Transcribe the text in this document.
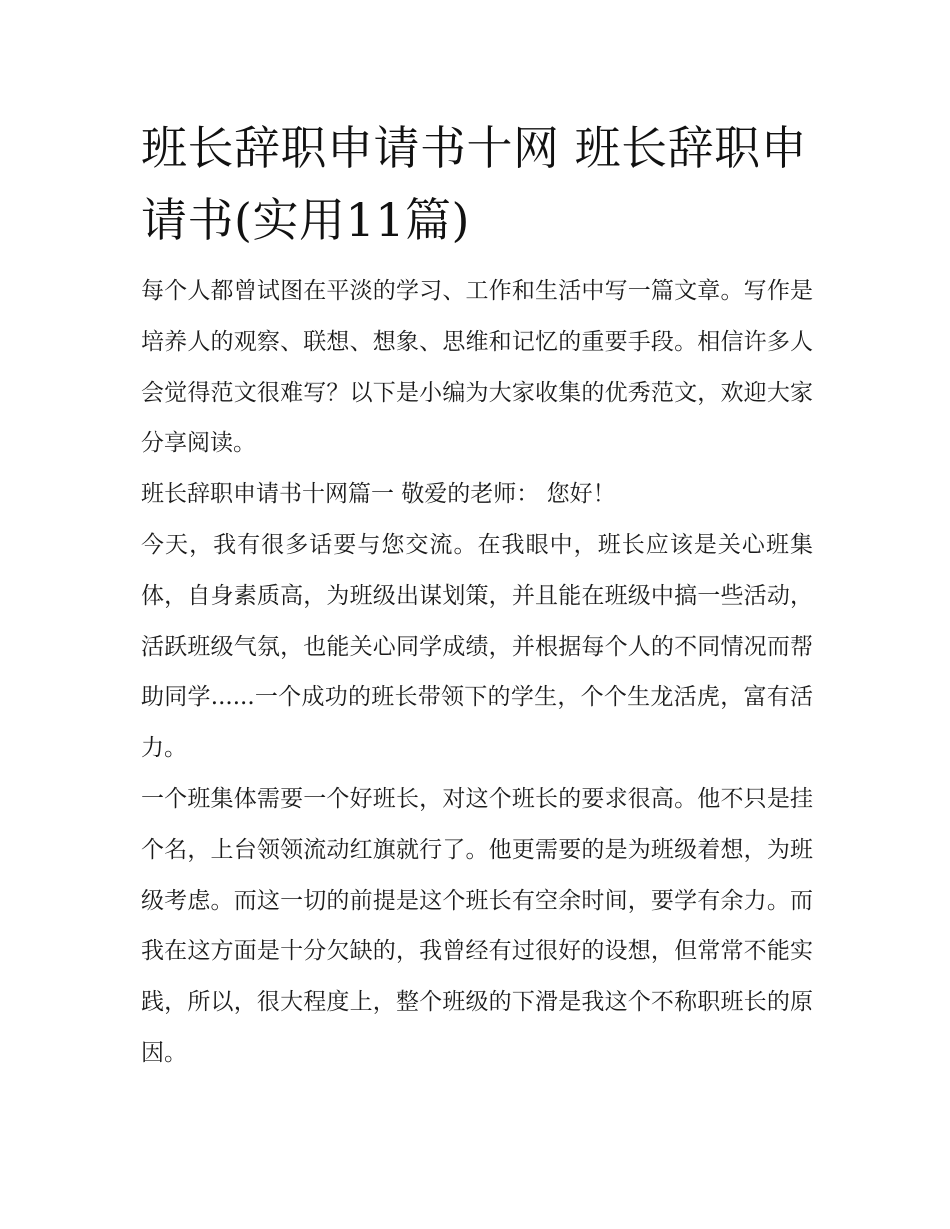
班长辞职申请书十网 班长辞职申请书(实用11篇)

每个人都曾试图在平淡的学习、工作和生活中写一篇文章。写作是培养人的观察、联想、想象、思维和记忆的重要手段。相信许多人会觉得范文很难写？以下是小编为大家收集的优秀范文，欢迎大家分享阅读。

班长辞职申请书十网篇一 敬爱的老师： 您好！

今天，我有很多话要与您交流。在我眼中，班长应该是关心班集体，自身素质高，为班级出谋划策，并且能在班级中搞一些活动，活跃班级气氛，也能关心同学成绩，并根据每个人的不同情况而帮助同学......一个成功的班长带领下的学生，个个生龙活虎，富有活力。

一个班集体需要一个好班长，对这个班长的要求很高。他不只是挂个名，上台领领流动红旗就行了。他更需要的是为班级着想，为班级考虑。而这一切的前提是这个班长有空余时间，要学有余力。而我在这方面是十分欠缺的，我曾经有过很好的设想，但常常不能实践，所以，很大程度上，整个班级的下滑是我这个不称职班长的原因。
